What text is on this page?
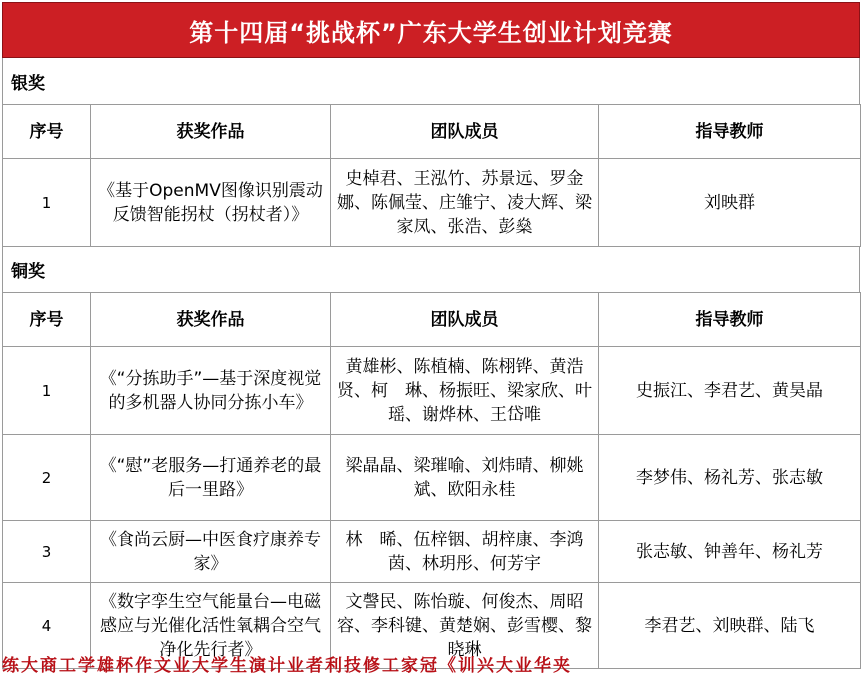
第十四届“挑战杯”广东大学生创业计划竞赛
银奖
序号	获奖作品	团队成员	指导教师
1	《基于OpenMV图像识别震动反馈智能拐杖（拐杖者）》	史棹君、王泓竹、苏景远、罗金娜、陈佩莹、庄雏宁、凌大辉、梁家凤、张浩、彭燊	刘映群
铜奖
序号	获奖作品	团队成员	指导教师
1	《“分拣助手”—基于深度视觉的多机器人协同分拣小车》	黄雄彬、陈植楠、陈栩铧、黄浩贤、柯　琳、杨振旺、梁家欣、叶　瑶、谢烨林、王岱唯	史振江、李君艺、黄昊晶
2	《“慰”老服务—打通养老的最后一里路》	梁晶晶、梁璀喻、刘炜晴、柳姚斌、欧阳永桂	李梦伟、杨礼芳、张志敏
3	《食尚云厨—中医食疗康养专家》	林　晞、伍梓铟、胡梓康、李鸿茵、林玥彤、何芳宇	张志敏、钟善年、杨礼芳
4	《数字孪生空气能量台—电磁感应与光催化活性氧耦合空气净化先行者》	文謦民、陈怡璇、何俊杰、周昭容、李科键、黄楚娴、彭雪樱、黎晓琳	李君艺、刘映群、陆飞
练大商工学雄杯作文业大学生演计业者利技修工家冠《训兴大业华夹
